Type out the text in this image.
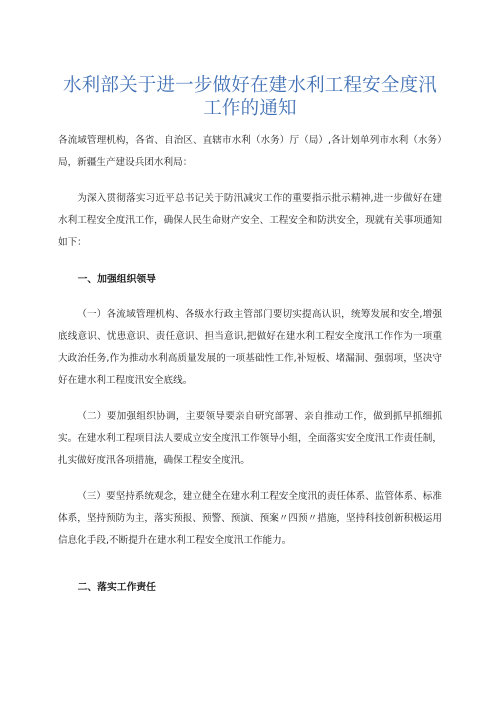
水利部关于进一步做好在建水利工程安全度汛工作的通知

各流域管理机构，各省、自治区、直辖市水利（水务）厅（局）,各计划单列市水利（水务）局，新疆生产建设兵团水利局：

为深入贯彻落实习近平总书记关于防汛减灾工作的重要指示批示精神,进一步做好在建水利工程安全度汛工作，确保人民生命财产安全、工程安全和防洪安全，现就有关事项通知如下：

一、加强组织领导

（一）各流域管理机构、各级水行政主管部门要切实提高认识，统筹发展和安全,增强底线意识、忧患意识、责任意识、担当意识,把做好在建水利工程安全度汛工作作为一项重大政治任务,作为推动水利高质量发展的一项基础性工作,补短板、堵漏洞、强弱项，坚决守好在建水利工程度汛安全底线。

（二）要加强组织协调，主要领导要亲自研究部署、亲自推动工作，做到抓早抓细抓实。在建水利工程项目法人要成立安全度汛工作领导小组，全面落实安全度汛工作责任制，扎实做好度汛各项措施，确保工程安全度汛。

（三）要坚持系统观念，建立健全在建水利工程安全度汛的责任体系、监管体系、标准体系，坚持预防为主，落实预报、预警、预演、预案〃四预〃措施，坚持科技创新积极运用信息化手段,不断提升在建水利工程安全度汛工作能力。

二、落实工作责任
